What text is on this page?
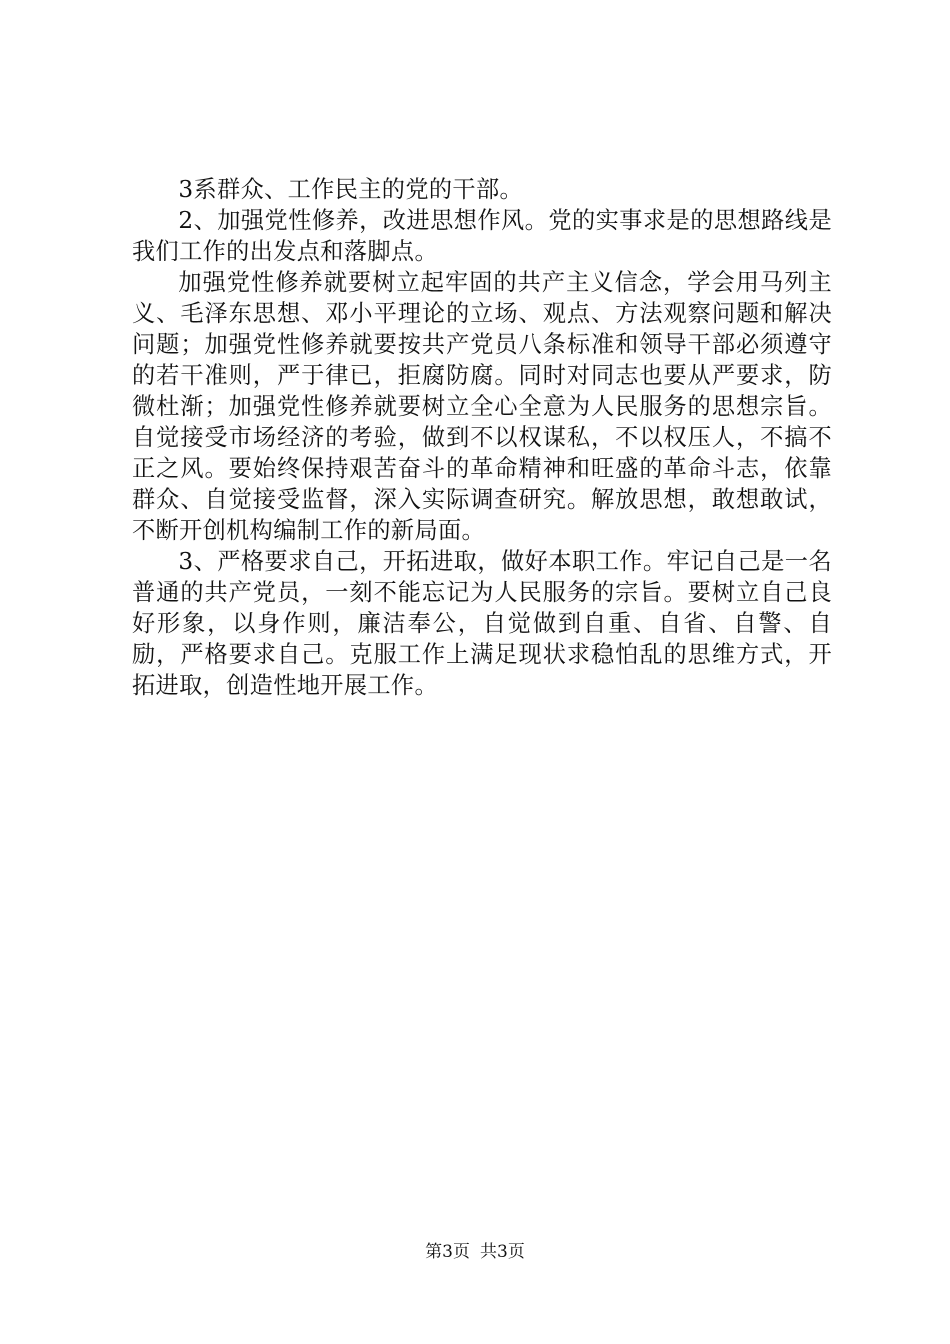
3系群众、工作民主的党的干部。

2、加强党性修养，改进思想作风。党的实事求是的思想路线是我们工作的出发点和落脚点。

加强党性修养就要树立起牢固的共产主义信念，学会用马列主义、毛泽东思想、邓小平理论的立场、观点、方法观察问题和解决问题；加强党性修养就要按共产党员八条标准和领导干部必须遵守的若干准则，严于律已，拒腐防腐。同时对同志也要从严要求，防微杜渐；加强党性修养就要树立全心全意为人民服务的思想宗旨。自觉接受市场经济的考验，做到不以权谋私，不以权压人，不搞不正之风。要始终保持艰苦奋斗的革命精神和旺盛的革命斗志，依靠群众、自觉接受监督，深入实际调查研究。解放思想，敢想敢试，不断开创机构编制工作的新局面。

3、严格要求自己，开拓进取，做好本职工作。牢记自己是一名普通的共产党员，一刻不能忘记为人民服务的宗旨。要树立自己良好形象，以身作则，廉洁奉公，自觉做到自重、自省、自警、自励，严格要求自己。克服工作上满足现状求稳怕乱的思维方式，开拓进取，创造性地开展工作。

第3页 共3页
